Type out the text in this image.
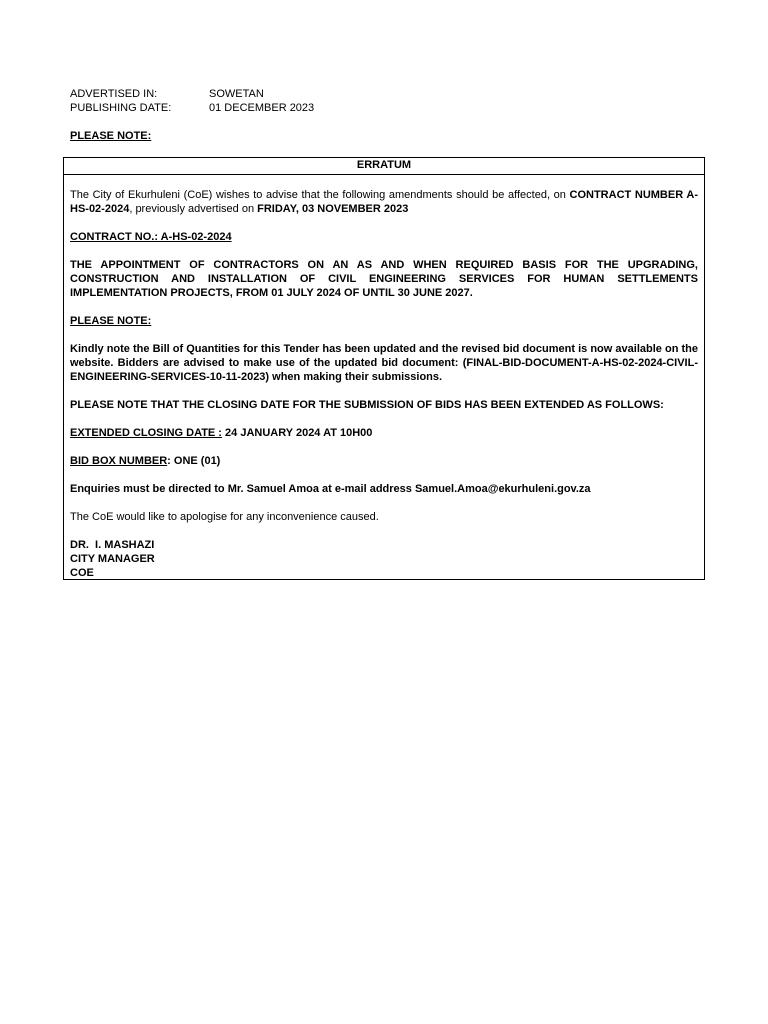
ADVERTISED IN:	SOWETAN
PUBLISHING DATE:	01 DECEMBER 2023
PLEASE NOTE:
ERRATUM

The City of Ekurhuleni (CoE) wishes to advise that the following amendments should be affected, on CONTRACT NUMBER A-HS-02-2024, previously advertised on FRIDAY, 03 NOVEMBER 2023

CONTRACT NO.: A-HS-02-2024

THE APPOINTMENT OF CONTRACTORS ON AN AS AND WHEN REQUIRED BASIS FOR THE UPGRADING, CONSTRUCTION AND INSTALLATION OF CIVIL ENGINEERING SERVICES FOR HUMAN SETTLEMENTS IMPLEMENTATION PROJECTS, FROM 01 JULY 2024 OF UNTIL 30 JUNE 2027.

PLEASE NOTE:

Kindly note the Bill of Quantities for this Tender has been updated and the revised bid document is now available on the website. Bidders are advised to make use of the updated bid document: (FINAL-BID-DOCUMENT-A-HS-02-2024-CIVIL-ENGINEERING-SERVICES-10-11-2023) when making their submissions.

PLEASE NOTE THAT THE CLOSING DATE FOR THE SUBMISSION OF BIDS HAS BEEN EXTENDED AS FOLLOWS:

EXTENDED CLOSING DATE : 24 JANUARY 2024 AT 10H00

BID BOX NUMBER: ONE (01)

Enquiries must be directed to Mr. Samuel Amoa at e-mail address Samuel.Amoa@ekurhuleni.gov.za

The CoE would like to apologise for any inconvenience caused.

DR.  I. MASHAZI
CITY MANAGER
COE
